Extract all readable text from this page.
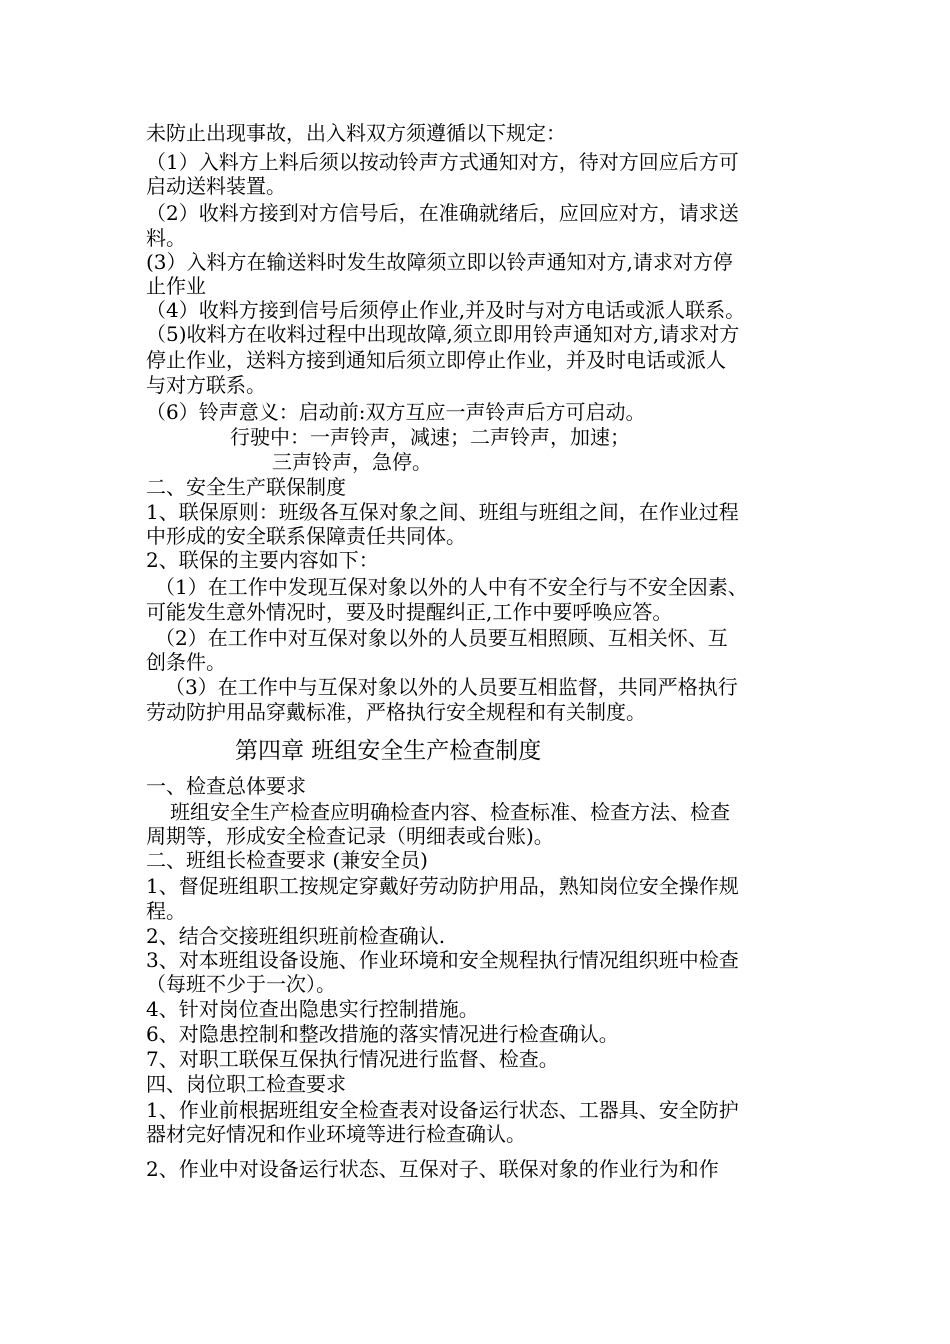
未防止出现事故，出入料双方须遵循以下规定：
（1）入料方上料后须以按动铃声方式通知对方，待对方回应后方可
启动送料装置。
（2）收料方接到对方信号后，在准确就绪后，应回应对方，请求送
料。
(3）入料方在输送料时发生故障须立即以铃声通知对方,请求对方停
止作业
（4）收料方接到信号后须停止作业,并及时与对方电话或派人联系。
（5)收料方在收料过程中出现故障,须立即用铃声通知对方,请求对方
停止作业，送料方接到通知后须立即停止作业，并及时电话或派人
与对方联系。
（6）铃声意义：启动前:双方互应一声铃声后方可启动。
行驶中：一声铃声，减速；二声铃声，加速；
三声铃声，急停。
二、安全生产联保制度
1、联保原则：班级各互保对象之间、班组与班组之间，在作业过程
中形成的安全联系保障责任共同体。
2、联保的主要内容如下：
（1）在工作中发现互保对象以外的人中有不安全行与不安全因素、
可能发生意外情况时，要及时提醒纠正,工作中要呼唤应答。
（2）在工作中对互保对象以外的人员要互相照顾、互相关怀、互
创条件。
（3）在工作中与互保对象以外的人员要互相监督，共同严格执行
劳动防护用品穿戴标准，严格执行安全规程和有关制度。
第四章 班组安全生产检查制度
一、检查总体要求
班组安全生产检查应明确检查内容、检查标准、检查方法、检查
周期等，形成安全检查记录（明细表或台账)。
二、班组长检查要求 (兼安全员)
1、督促班组职工按规定穿戴好劳动防护用品，熟知岗位安全操作规
程。
2、结合交接班组织班前检查确认.
3、对本班组设备设施、作业环境和安全规程执行情况组织班中检查
（每班不少于一次）。
4、针对岗位查出隐患实行控制措施。
6、对隐患控制和整改措施的落实情况进行检查确认。
7、对职工联保互保执行情况进行监督、检查。
四、岗位职工检查要求
1、作业前根据班组安全检查表对设备运行状态、工器具、安全防护
器材完好情况和作业环境等进行检查确认。
2、作业中对设备运行状态、互保对子、联保对象的作业行为和作
